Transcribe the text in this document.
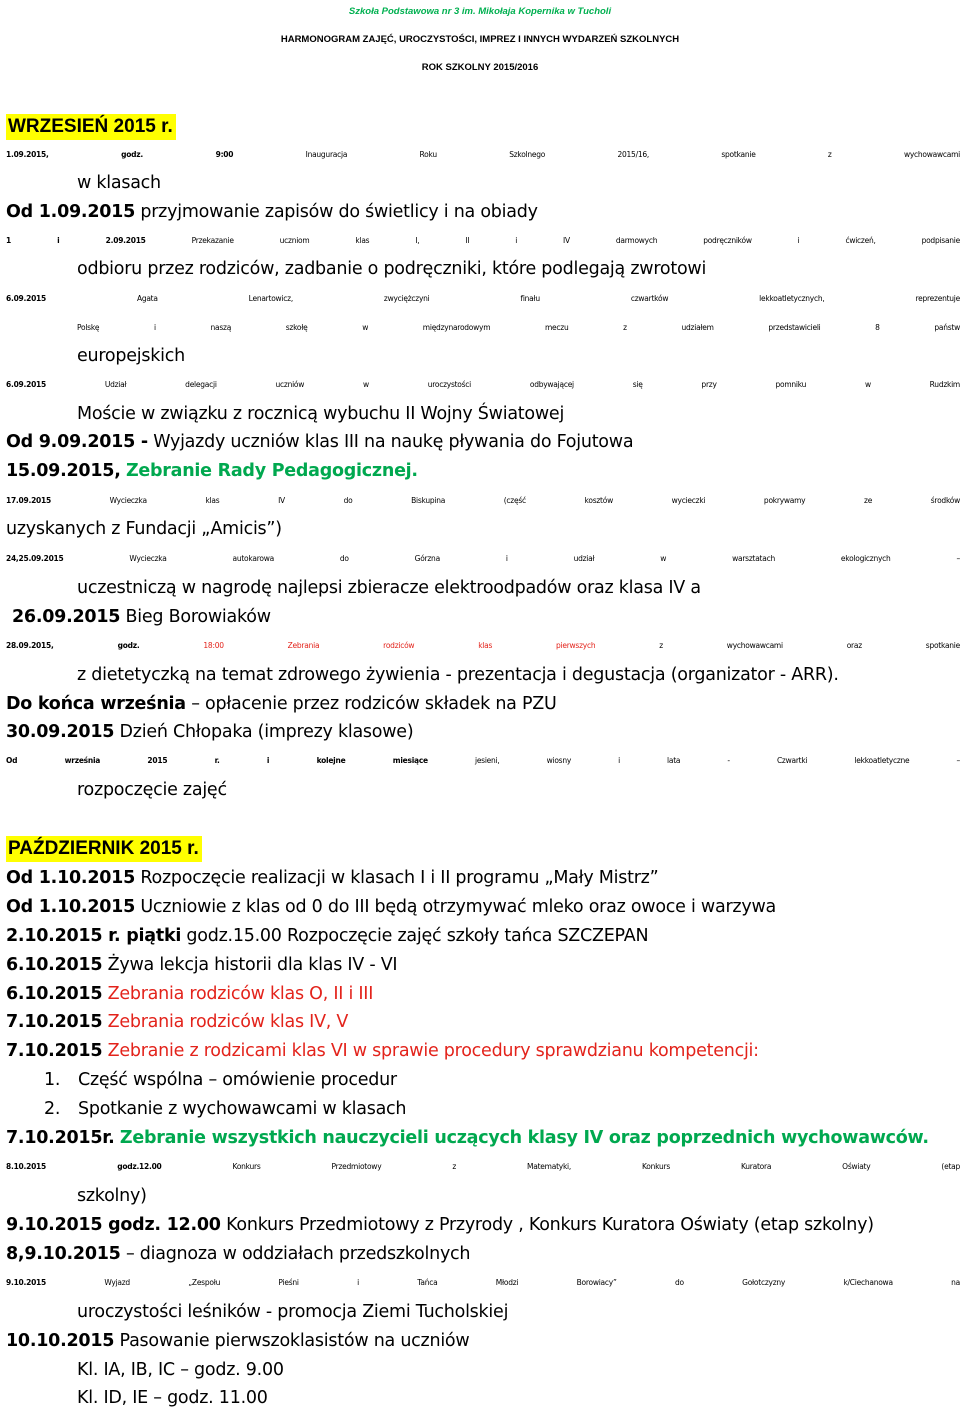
Szkoła Podstawowa nr 3 im. Mikołaja Kopernika w Tucholi
HARMONOGRAM ZAJĘĆ, UROCZYSTOŚCI, IMPREZ I INNYCH WYDARZEŃ SZKOLNYCH
ROK SZKOLNY 2015/2016
WRZESIEŃ 2015 r.
1.09.2015, godz. 9:00	Inauguracja Roku Szkolnego 2015/16, spotkanie z wychowawcami
w klasach
Od 1.09.2015 przyjmowanie zapisów do świetlicy i na obiady
1 i 2.09.2015	Przekazanie uczniom klas I, II i IV darmowych podręczników i ćwiczeń, podpisanie
odbioru przez rodziców, zadbanie o podręczniki, które podlegają zwrotowi
6.09.2015	Agata Lenartowicz, zwyciężczyni finału czwartków lekkoatletycznych, reprezentuje
Polskę i naszą szkołę w międzynarodowym meczu z udziałem przedstawicieli 8 państw
europejskich
6.09.2015	Udział delegacji uczniów w uroczystości odbywającej się przy pomniku w Rudzkim
Moście w związku z rocznicą wybuchu II Wojny Światowej
Od 9.09.2015 - Wyjazdy uczniów klas III na naukę pływania do Fojutowa
15.09.2015, Zebranie Rady Pedagogicznej.
17.09.2015	Wycieczka klas IV do Biskupina (część kosztów wycieczki pokrywamy ze środków
uzyskanych z Fundacji „Amicis”)
24,25.09.2015	Wycieczka autokarowa do Górzna i udział w warsztatach ekologicznych –
uczestniczą w nagrodę najlepsi zbieracze elektroodpadów oraz klasa IV a
26.09.2015 Bieg Borowiaków
28.09.2015, godz.	18:00	Zebrania rodziców klas pierwszych z wychowawcami oraz spotkanie
z dietetyczką na temat zdrowego żywienia - prezentacja i degustacja (organizator - ARR).
Do końca września – opłacenie przez rodziców składek na PZU
30.09.2015 Dzień Chłopaka (imprezy klasowe)
Od września 2015 r. i kolejne miesiące	jesieni, wiosny i lata - Czwartki lekkoatletyczne –
rozpoczęcie zajęć
PAŹDZIERNIK 2015 r.
Od 1.10.2015 Rozpoczęcie realizacji w klasach I i II programu „Mały Mistrz”
Od 1.10.2015 Uczniowie z klas od 0 do III będą otrzymywać mleko oraz owoce i warzywa
2.10.2015 r. piątki godz.15.00 Rozpoczęcie zajęć szkoły tańca SZCZEPAN
6.10.2015 Żywa lekcja historii dla klas IV - VI
6.10.2015 Zebrania rodziców klas O, II i III
7.10.2015 Zebrania rodziców klas IV, V
7.10.2015 Zebranie z rodzicami klas VI w sprawie procedury sprawdzianu kompetencji:
1. Część wspólna – omówienie procedur
2. Spotkanie z wychowawcami w klasach
7.10.2015r. Zebranie wszystkich nauczycieli uczących klasy IV oraz poprzednich wychowawców.
8.10.2015 godz.12.00	Konkurs Przedmiotowy z Matematyki, Konkurs Kuratora Oświaty (etap
szkolny)
9.10.2015 godz. 12.00 Konkurs Przedmiotowy z Przyrody , Konkurs Kuratora Oświaty (etap szkolny)
8,9.10.2015 – diagnoza w oddziałach przedszkolnych
9.10.2015	Wyjazd „Zespołu Pieśni i Tańca Młodzi Borowiacy” do Gołotczyzny k/Ciechanowa na
uroczystości leśników - promocja Ziemi Tucholskiej
10.10.2015 Pasowanie pierwszoklasistów na uczniów
Kl. IA, IB, IC – godz. 9.00
Kl. ID, IE – godz. 11.00
